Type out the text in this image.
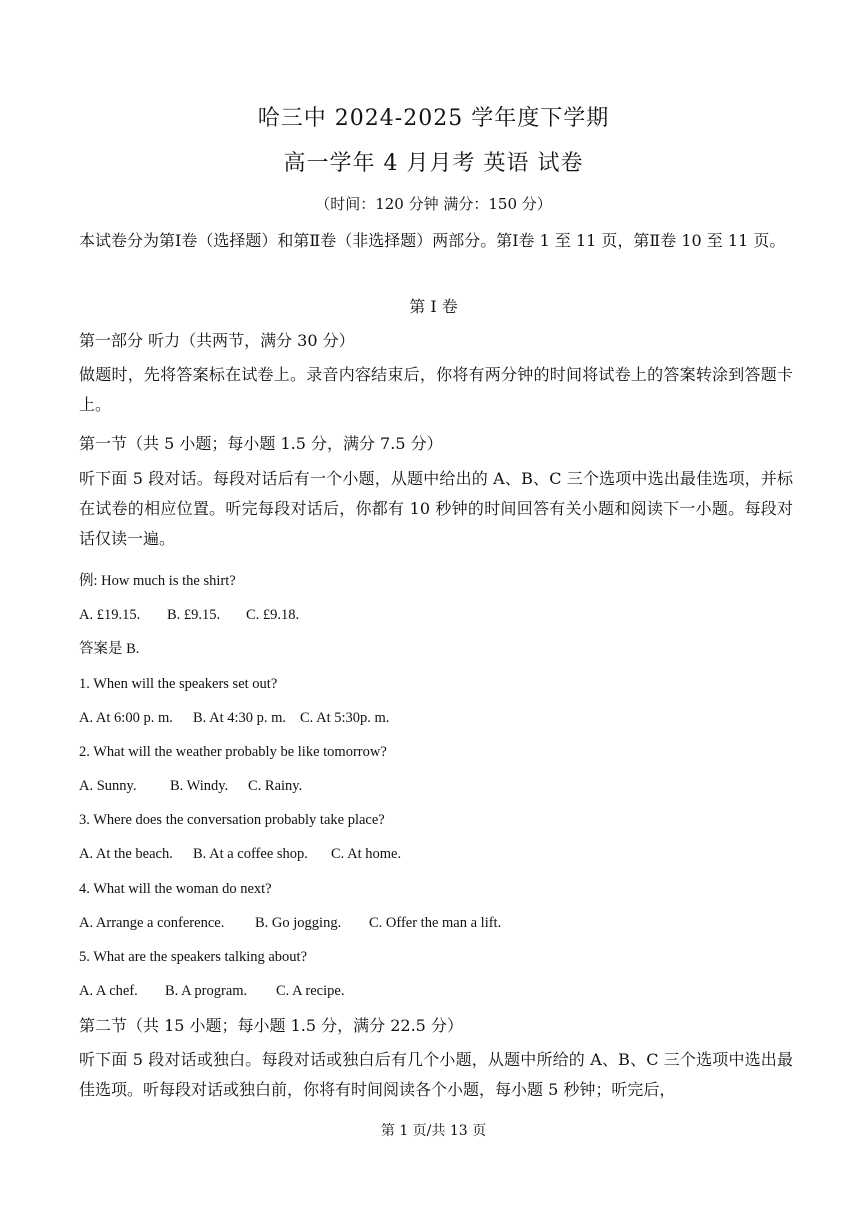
哈三中 2024-2025 学年度下学期
高一学年 4 月月考 英语 试卷
（时间：120 分钟 满分：150 分）
本试卷分为第Ⅰ卷（选择题）和第Ⅱ卷（非选择题）两部分。第Ⅰ卷 1 至 11 页，第Ⅱ卷 10 至 11 页。
第 I 卷
第一部分 听力（共两节，满分 30 分）
做题时，先将答案标在试卷上。录音内容结束后，你将有两分钟的时间将试卷上的答案转涂到答题卡上。
第一节（共 5 小题；每小题 1.5 分，满分 7.5 分）
听下面 5 段对话。每段对话后有一个小题，从题中给出的 A、B、C 三个选项中选出最佳选项，并标在试卷的相应位置。听完每段对话后，你都有 10 秒钟的时间回答有关小题和阅读下一小题。每段对话仅读一遍。
例: How much is the shirt?
A. £19.15. B. £9.15. C. £9.18.
答案是 B.
1. When will the speakers set out?
A. At 6:00 p. m. B. At 4:30 p. m. C. At 5:30p. m.
2. What will the weather probably be like tomorrow?
A. Sunny. B. Windy. C. Rainy.
3. Where does the conversation probably take place?
A. At the beach. B. At a coffee shop. C. At home.
4. What will the woman do next?
A. Arrange a conference. B. Go jogging. C. Offer the man a lift.
5. What are the speakers talking about?
A. A chef. B. A program. C. A recipe.
第二节（共 15 小题；每小题 1.5 分，满分 22.5 分）
听下面 5 段对话或独白。每段对话或独白后有几个小题，从题中所给的 A、B、C 三个选项中选出最佳选项。听每段对话或独白前，你将有时间阅读各个小题，每小题 5 秒钟；听完后，
第 1 页/共 13 页
